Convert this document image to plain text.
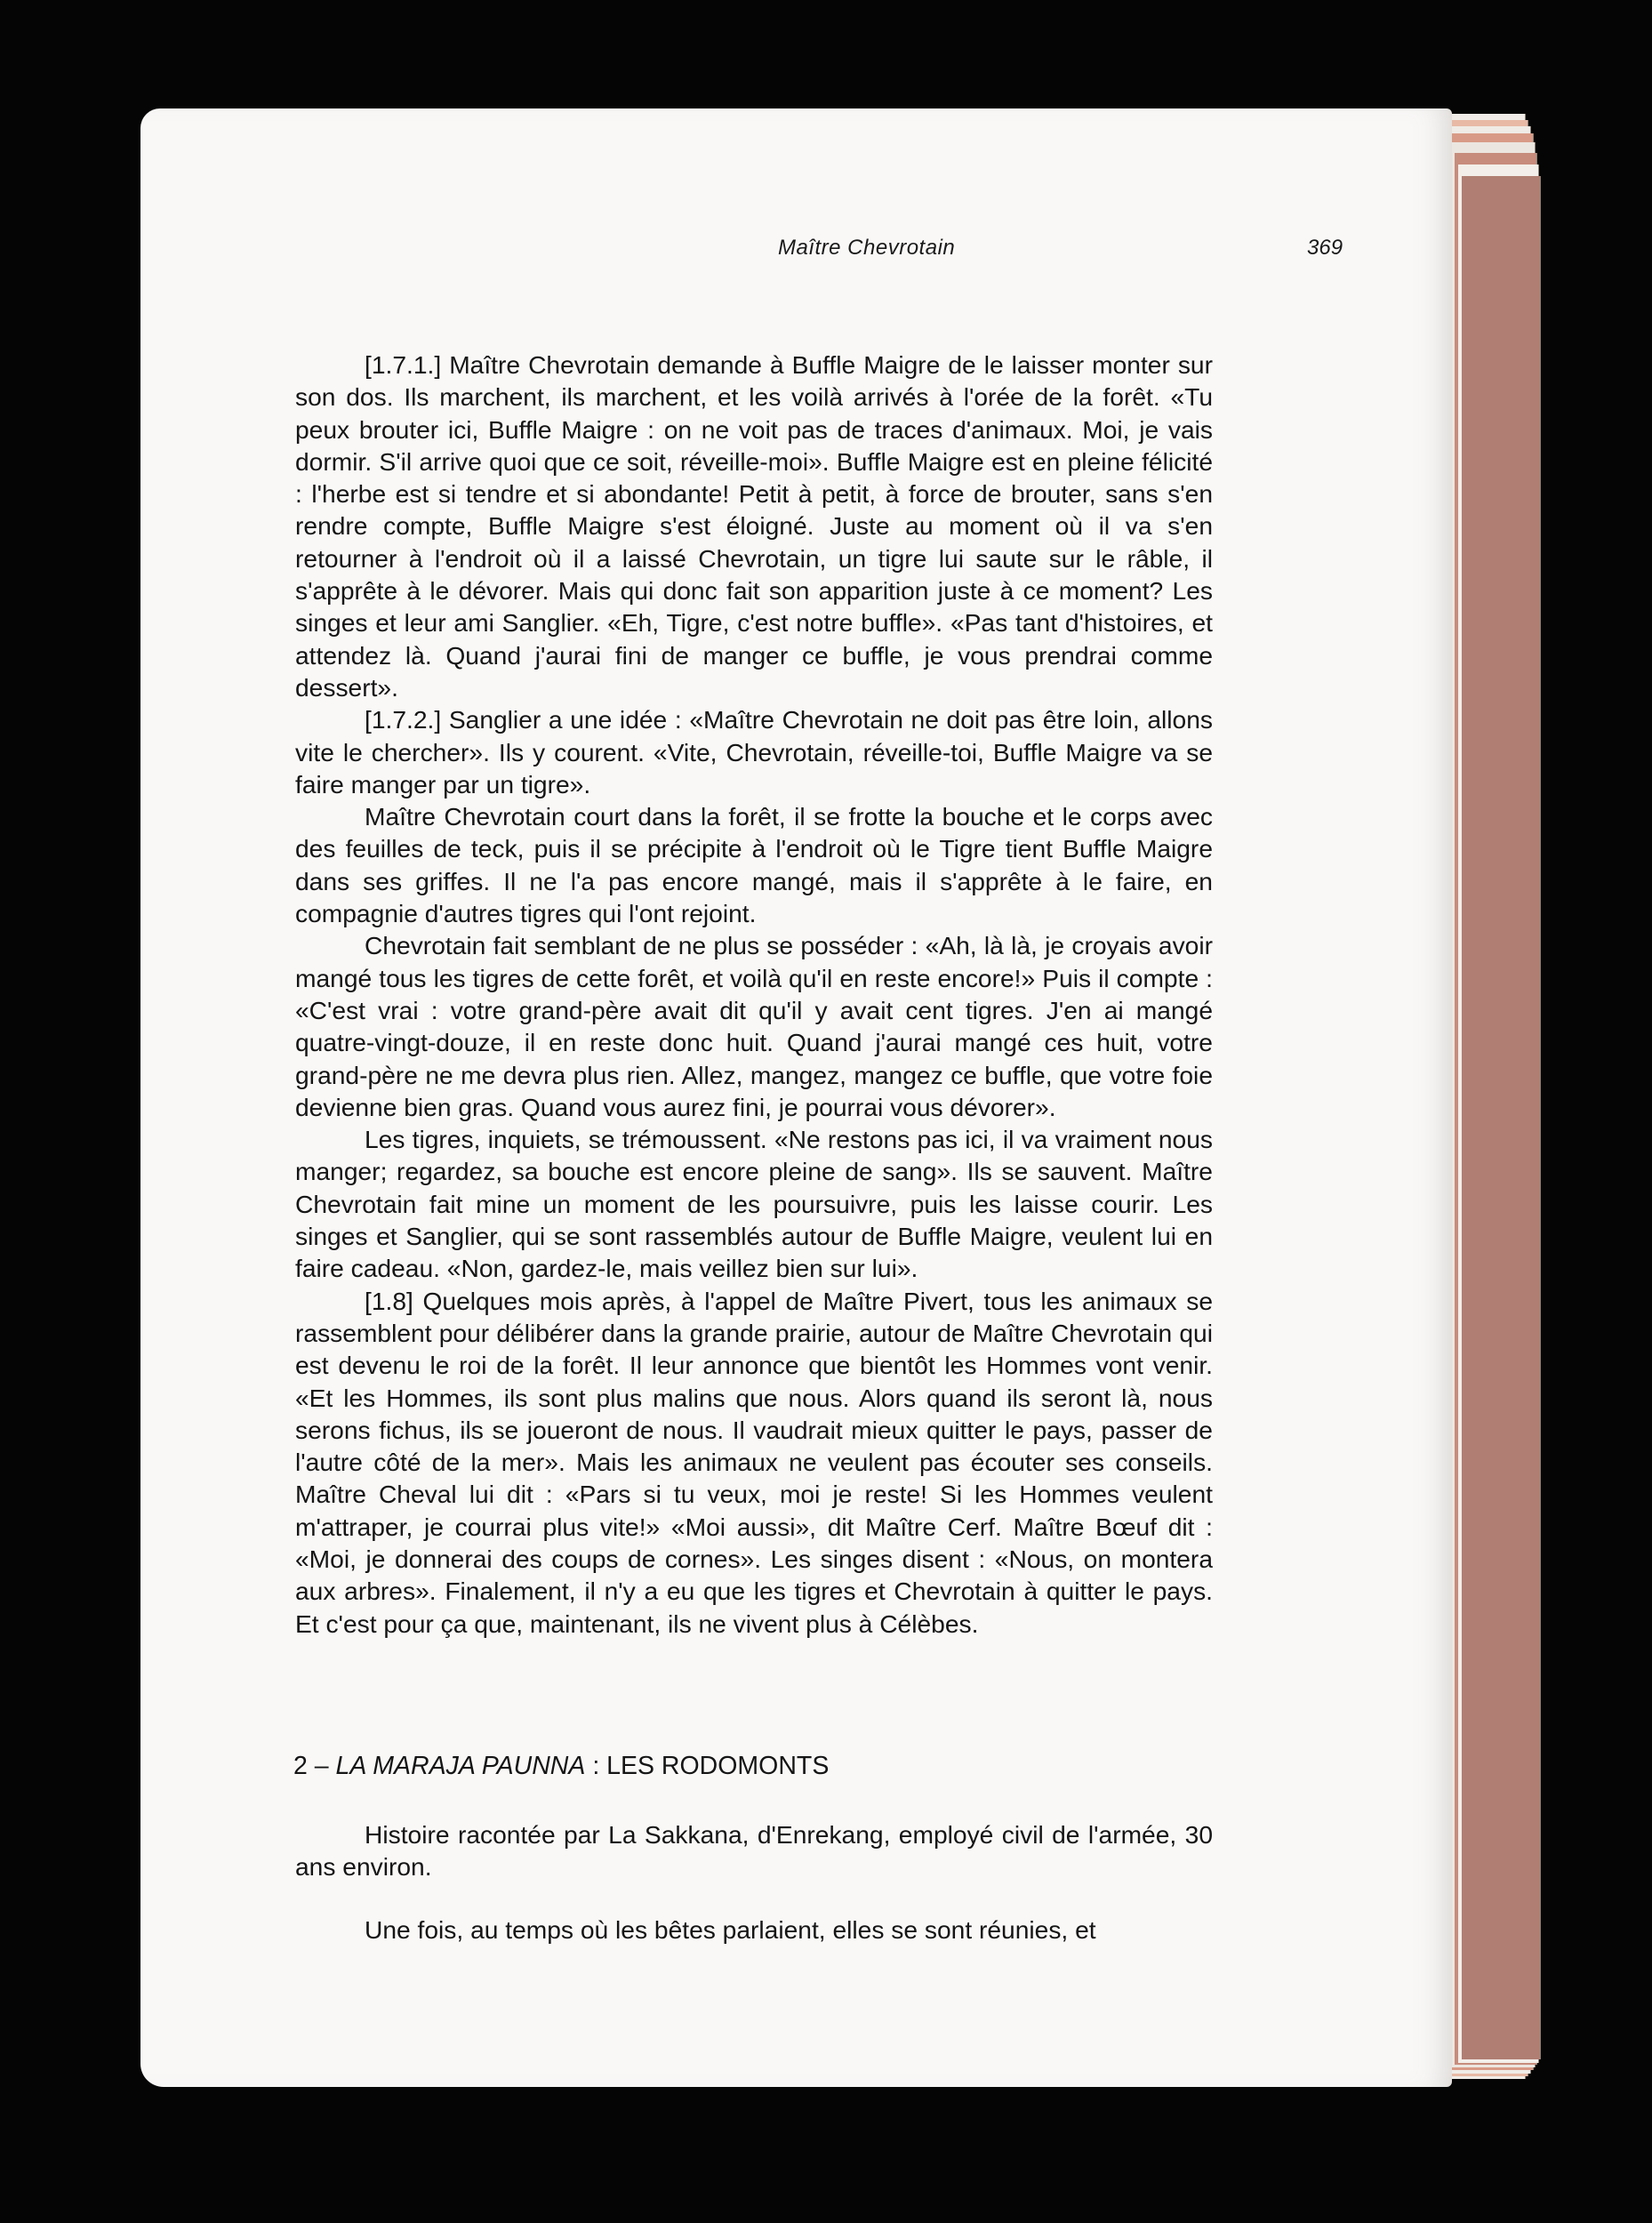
Maître Chevrotain	369

[1.7.1.] Maître Chevrotain demande à Buffle Maigre de le laisser monter sur son dos. Ils marchent, ils marchent, et les voilà arrivés à l'orée de la forêt. «Tu peux brouter ici, Buffle Maigre : on ne voit pas de traces d'animaux. Moi, je vais dormir. S'il arrive quoi que ce soit, réveille-moi». Buffle Maigre est en pleine félicité : l'herbe est si tendre et si abondante! Petit à petit, à force de brouter, sans s'en rendre compte, Buffle Maigre s'est éloigné. Juste au moment où il va s'en retourner à l'endroit où il a laissé Chevrotain, un tigre lui saute sur le râble, il s'apprête à le dévorer. Mais qui donc fait son apparition juste à ce moment? Les singes et leur ami Sanglier. «Eh, Tigre, c'est notre buffle». «Pas tant d'histoires, et attendez là. Quand j'aurai fini de manger ce buffle, je vous prendrai comme dessert».

[1.7.2.] Sanglier a une idée : «Maître Chevrotain ne doit pas être loin, allons vite le chercher». Ils y courent. «Vite, Chevrotain, réveille-toi, Buffle Maigre va se faire manger par un tigre».

Maître Chevrotain court dans la forêt, il se frotte la bouche et le corps avec des feuilles de teck, puis il se précipite à l'endroit où le Tigre tient Buffle Maigre dans ses griffes. Il ne l'a pas encore mangé, mais il s'apprête à le faire, en compagnie d'autres tigres qui l'ont rejoint.

Chevrotain fait semblant de ne plus se posséder : «Ah, là là, je croyais avoir mangé tous les tigres de cette forêt, et voilà qu'il en reste encore!» Puis il compte : «C'est vrai : votre grand-père avait dit qu'il y avait cent tigres. J'en ai mangé quatre-vingt-douze, il en reste donc huit. Quand j'aurai mangé ces huit, votre grand-père ne me devra plus rien. Allez, mangez, mangez ce buffle, que votre foie devienne bien gras. Quand vous aurez fini, je pourrai vous dévorer».

Les tigres, inquiets, se trémoussent. «Ne restons pas ici, il va vraiment nous manger; regardez, sa bouche est encore pleine de sang». Ils se sauvent. Maître Chevrotain fait mine un moment de les poursuivre, puis les laisse courir. Les singes et Sanglier, qui se sont rassemblés autour de Buffle Maigre, veulent lui en faire cadeau. «Non, gardez-le, mais veillez bien sur lui».

[1.8] Quelques mois après, à l'appel de Maître Pivert, tous les animaux se rassemblent pour délibérer dans la grande prairie, autour de Maître Chevrotain qui est devenu le roi de la forêt. Il leur annonce que bientôt les Hommes vont venir. «Et les Hommes, ils sont plus malins que nous. Alors quand ils seront là, nous serons fichus, ils se joueront de nous. Il vaudrait mieux quitter le pays, passer de l'autre côté de la mer». Mais les animaux ne veulent pas écouter ses conseils. Maître Cheval lui dit : «Pars si tu veux, moi je reste! Si les Hommes veulent m'attraper, je courrai plus vite!» «Moi aussi», dit Maître Cerf. Maître Bœuf dit : «Moi, je donnerai des coups de cornes». Les singes disent : «Nous, on montera aux arbres». Finalement, il n'y a eu que les tigres et Chevrotain à quitter le pays. Et c'est pour ça que, maintenant, ils ne vivent plus à Célèbes.

2 – LA MARAJA PAUNNA : LES RODOMONTS

Histoire racontée par La Sakkana, d'Enrekang, employé civil de l'armée, 30 ans environ.

Une fois, au temps où les bêtes parlaient, elles se sont réunies, et
